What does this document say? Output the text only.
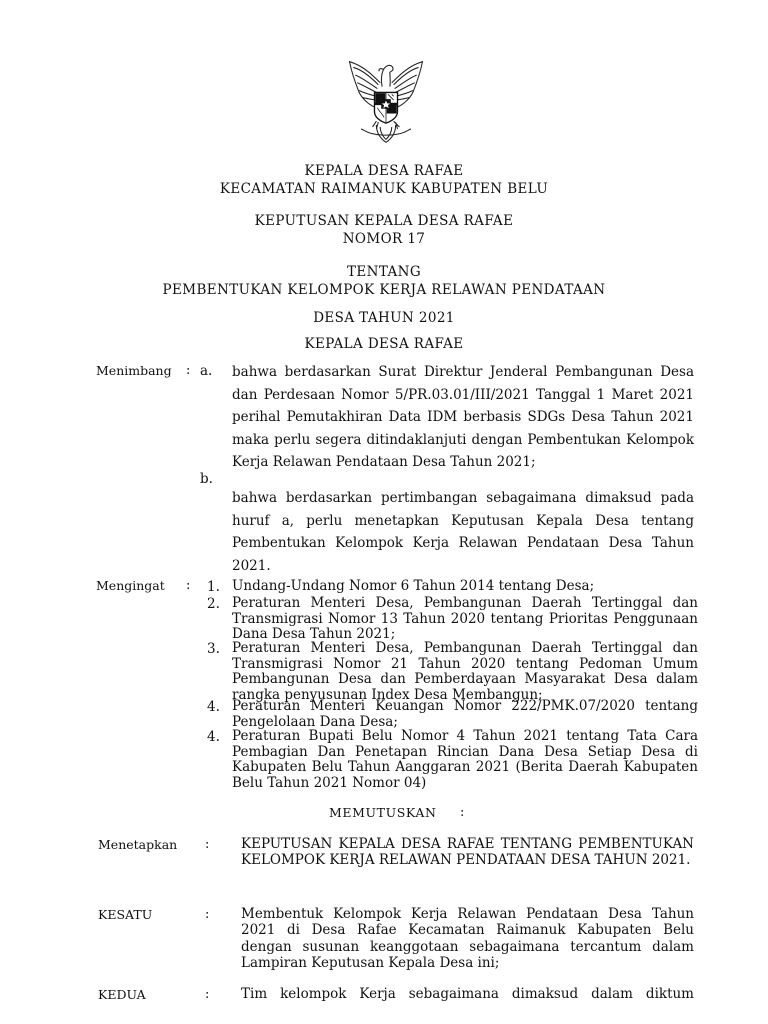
KEPALA DESA RAFAE
KECAMATAN RAIMANUK KABUPATEN BELU
KEPUTUSAN KEPALA DESA RAFAE
NOMOR 17
TENTANG
PEMBENTUKAN KELOMPOK KERJA RELAWAN PENDATAAN
DESA TAHUN 2021
KEPALA DESA RAFAE
Menimbang : a. bahwa berdasarkan Surat Direktur Jenderal Pembangunan Desa dan Perdesaan Nomor 5/PR.03.01/III/2021 Tanggal 1 Maret 2021 perihal Pemutakhiran Data IDM berbasis SDGs Desa Tahun 2021 maka perlu segera ditindaklanjuti dengan Pembentukan Kelompok Kerja Relawan Pendataan Desa Tahun 2021;
b.
bahwa berdasarkan pertimbangan sebagaimana dimaksud pada huruf a, perlu menetapkan Keputusan Kepala Desa tentang Pembentukan Kelompok Kerja Relawan Pendataan Desa Tahun 2021.
Mengingat : 1. Undang-Undang Nomor 6 Tahun 2014 tentang Desa;
2. Peraturan Menteri Desa, Pembangunan Daerah Tertinggal dan Transmigrasi Nomor 13 Tahun 2020 tentang Prioritas Penggunaan Dana Desa Tahun 2021;
3. Peraturan Menteri Desa, Pembangunan Daerah Tertinggal dan Transmigrasi Nomor 21 Tahun 2020 tentang Pedoman Umum Pembangunan Desa dan Pemberdayaan Masyarakat Desa dalam rangka penyusunan Index Desa Membangun;
4. Peraturan Menteri Keuangan Nomor 222/PMK.07/2020 tentang Pengelolaan Dana Desa;
4. Peraturan Bupati Belu Nomor 4 Tahun 2021 tentang Tata Cara Pembagian Dan Penetapan Rincian Dana Desa Setiap Desa di Kabupaten Belu Tahun Aanggaran 2021 (Berita Daerah Kabupaten Belu Tahun 2021 Nomor 04)
MEMUTUSKAN :
Menetapkan : KEPUTUSAN KEPALA DESA RAFAE TENTANG PEMBENTUKAN KELOMPOK KERJA RELAWAN PENDATAAN DESA TAHUN 2021.
KESATU	: Membentuk Kelompok Kerja Relawan Pendataan Desa Tahun 2021 di Desa Rafae Kecamatan Raimanuk Kabupaten Belu dengan susunan keanggotaan sebagaimana tercantum dalam Lampiran Keputusan Kepala Desa ini;
KEDUA	: Tim kelompok Kerja sebagaimana dimaksud dalam diktum
